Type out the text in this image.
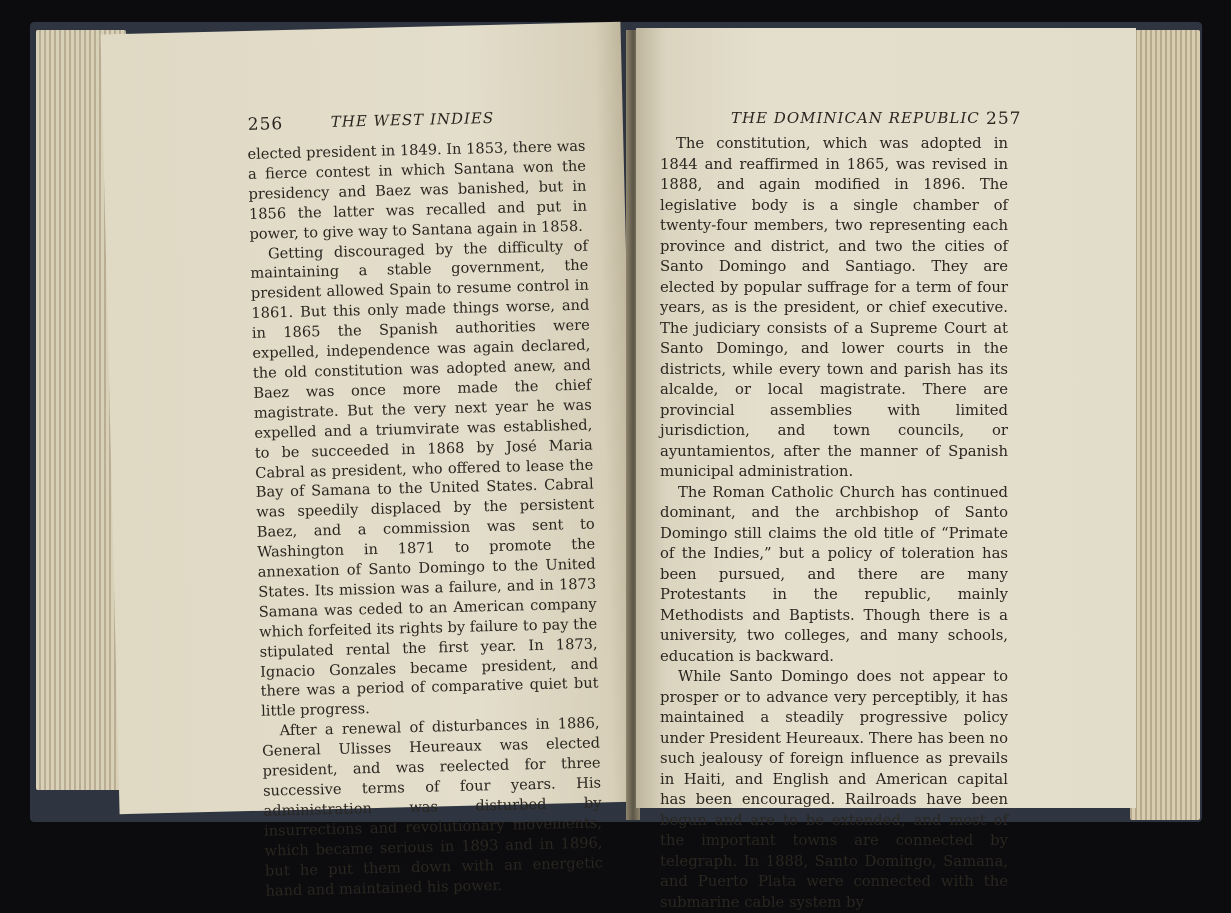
256	THE WEST INDIES

elected president in 1849. In 1853, there was a fierce contest in which Santana won the presidency and Baez was banished, but in 1856 the latter was recalled and put in power, to give way to Santana again in 1858.

Getting discouraged by the difficulty of maintaining a stable government, the president allowed Spain to resume control in 1861. But this only made things worse, and in 1865 the Spanish authorities were expelled, independence was again declared, the old constitution was adopted anew, and Baez was once more made the chief magistrate. But the very next year he was expelled and a triumvirate was established, to be succeeded in 1868 by José Maria Cabral as president, who offered to lease the Bay of Samana to the United States. Cabral was speedily displaced by the persistent Baez, and a commission was sent to Washington in 1871 to promote the annexation of Santo Domingo to the United States. Its mission was a failure, and in 1873 Samana was ceded to an American company which forfeited its rights by failure to pay the stipulated rental the first year. In 1873, Ignacio Gonzales became president, and there was a period of comparative quiet but little progress.

After a renewal of disturbances in 1886, General Ulisses Heureaux was elected president, and was reelected for three successive terms of four years. His administration was disturbed by insurrections and revolutionary movements, which became serious in 1893 and in 1896, but he put them down with an energetic hand and maintained his power.

THE DOMINICAN REPUBLIC 257

The constitution, which was adopted in 1844 and reaffirmed in 1865, was revised in 1888, and again modified in 1896. The legislative body is a single chamber of twenty-four members, two representing each province and district, and two the cities of Santo Domingo and Santiago. They are elected by popular suffrage for a term of four years, as is the president, or chief executive. The judiciary consists of a Supreme Court at Santo Domingo, and lower courts in the districts, while every town and parish has its alcalde, or local magistrate. There are provincial assemblies with limited jurisdiction, and town councils, or ayuntamientos, after the manner of Spanish municipal administration.

The Roman Catholic Church has continued dominant, and the archbishop of Santo Domingo still claims the old title of “Primate of the Indies,” but a policy of toleration has been pursued, and there are many Protestants in the republic, mainly Methodists and Baptists. Though there is a university, two colleges, and many schools, education is backward.

While Santo Domingo does not appear to prosper or to advance very perceptibly, it has maintained a steadily progressive policy under President Heureaux. There has been no such jealousy of foreign influence as prevails in Haiti, and English and American capital has been encouraged. Railroads have been begun and are to be extended, and most of the important towns are connected by telegraph. In 1888, Santo Domingo, Samana, and Puerto Plata were connected with the submarine cable system by
